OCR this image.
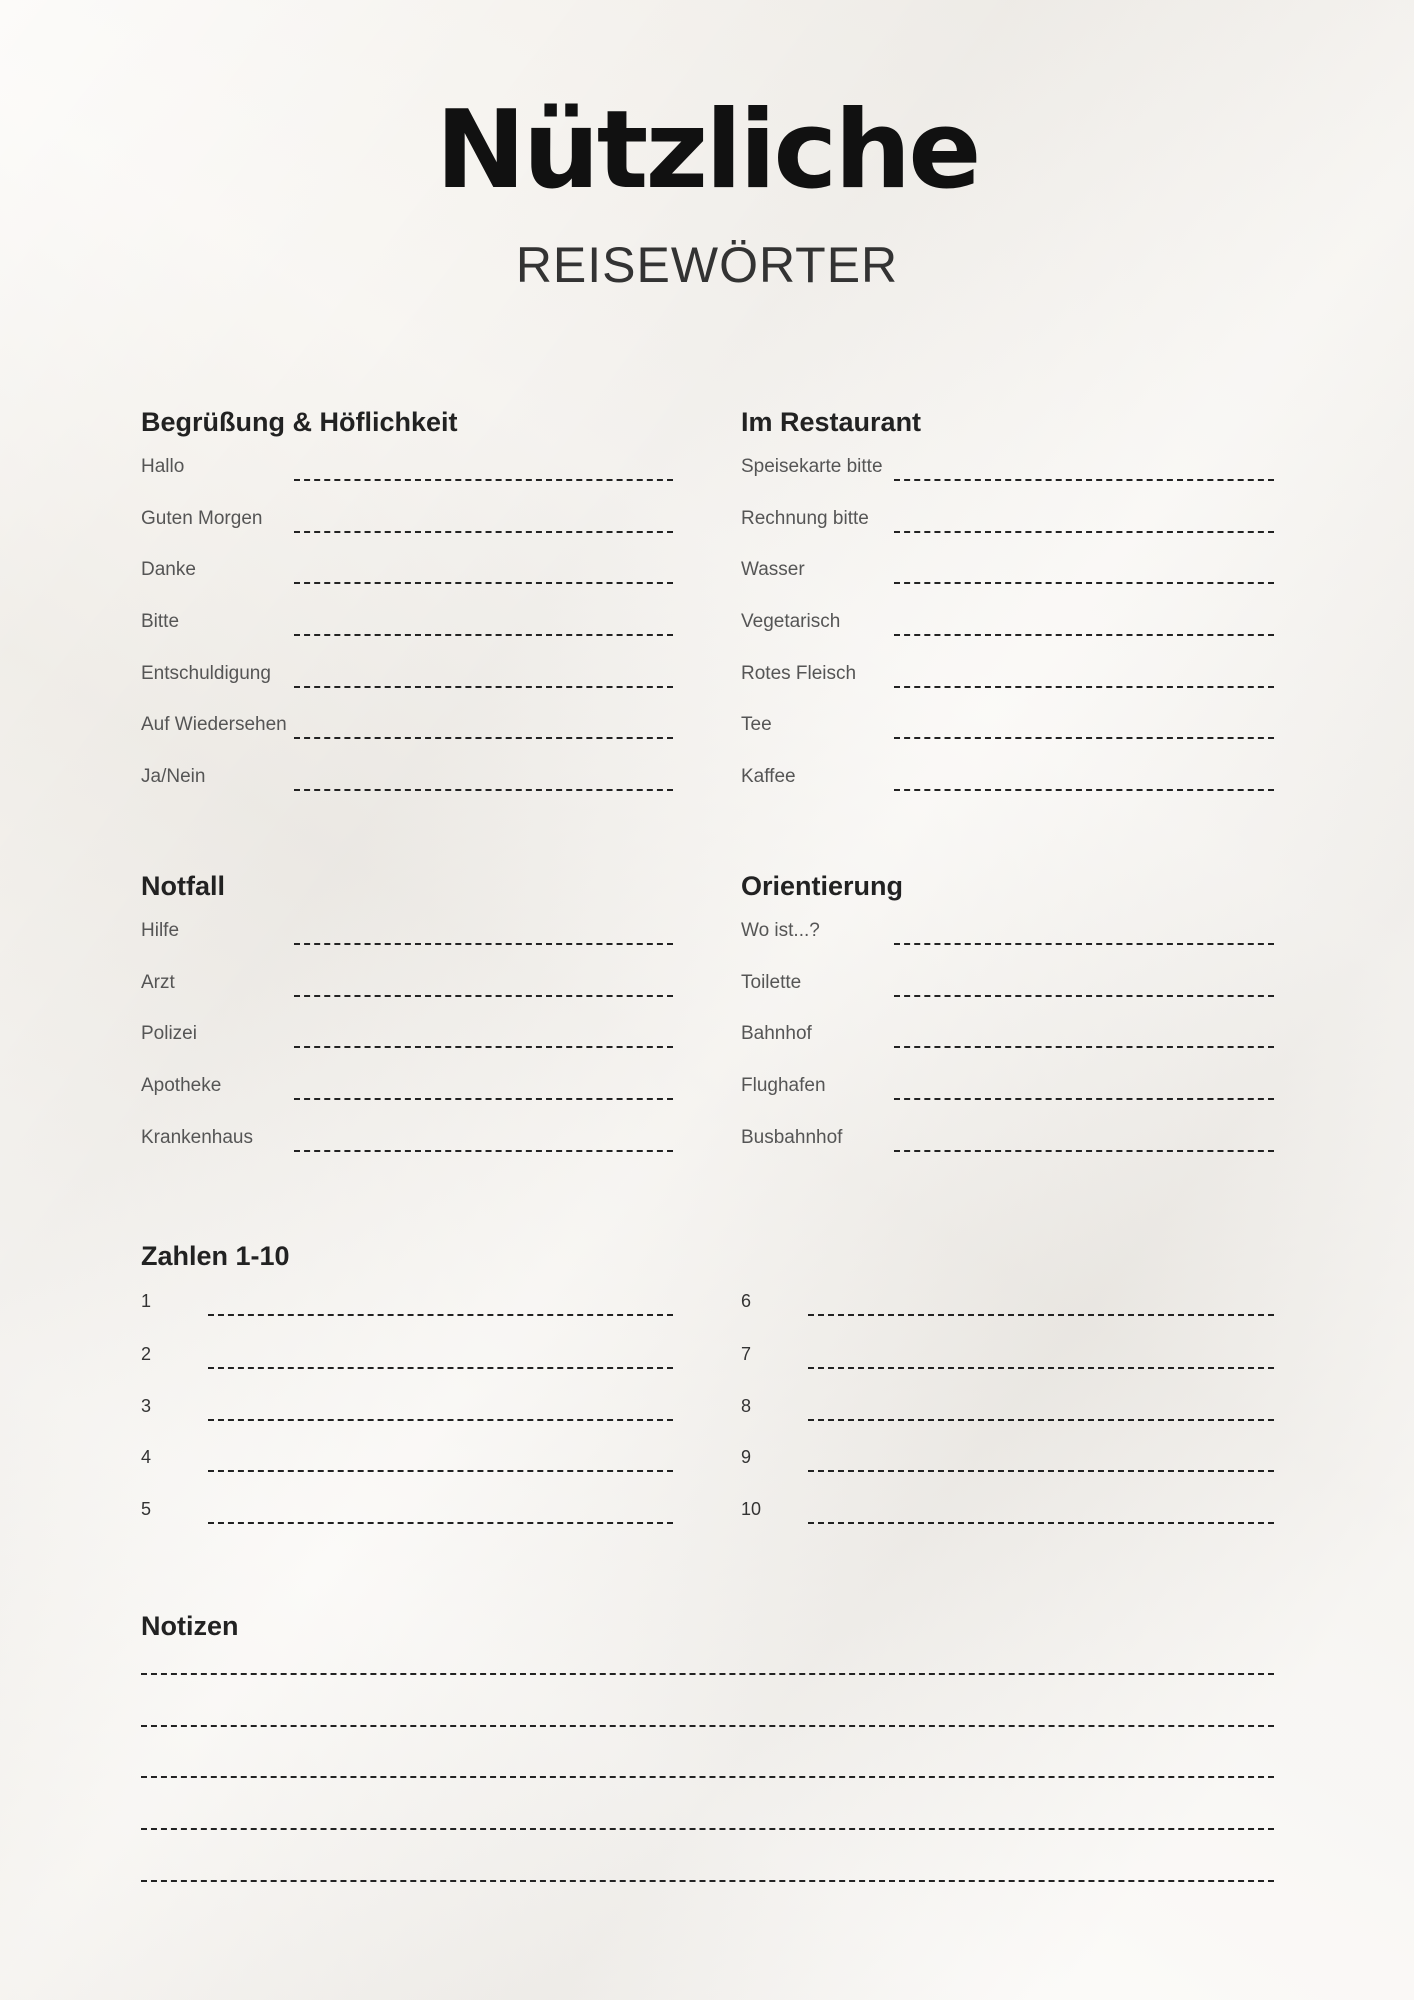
Nützliche
REISEWÖRTER
Begrüßung & Höflichkeit
Hallo
Guten Morgen
Danke
Bitte
Entschuldigung
Auf Wiedersehen
Ja/Nein
Im Restaurant
Speisekarte bitte
Rechnung bitte
Wasser
Vegetarisch
Rotes Fleisch
Tee
Kaffee
Notfall
Hilfe
Arzt
Polizei
Apotheke
Krankenhaus
Orientierung
Wo ist...?
Toilette
Bahnhof
Flughafen
Busbahnhof
Zahlen 1-10
1
2
3
4
5
6
7
8
9
10
Notizen
